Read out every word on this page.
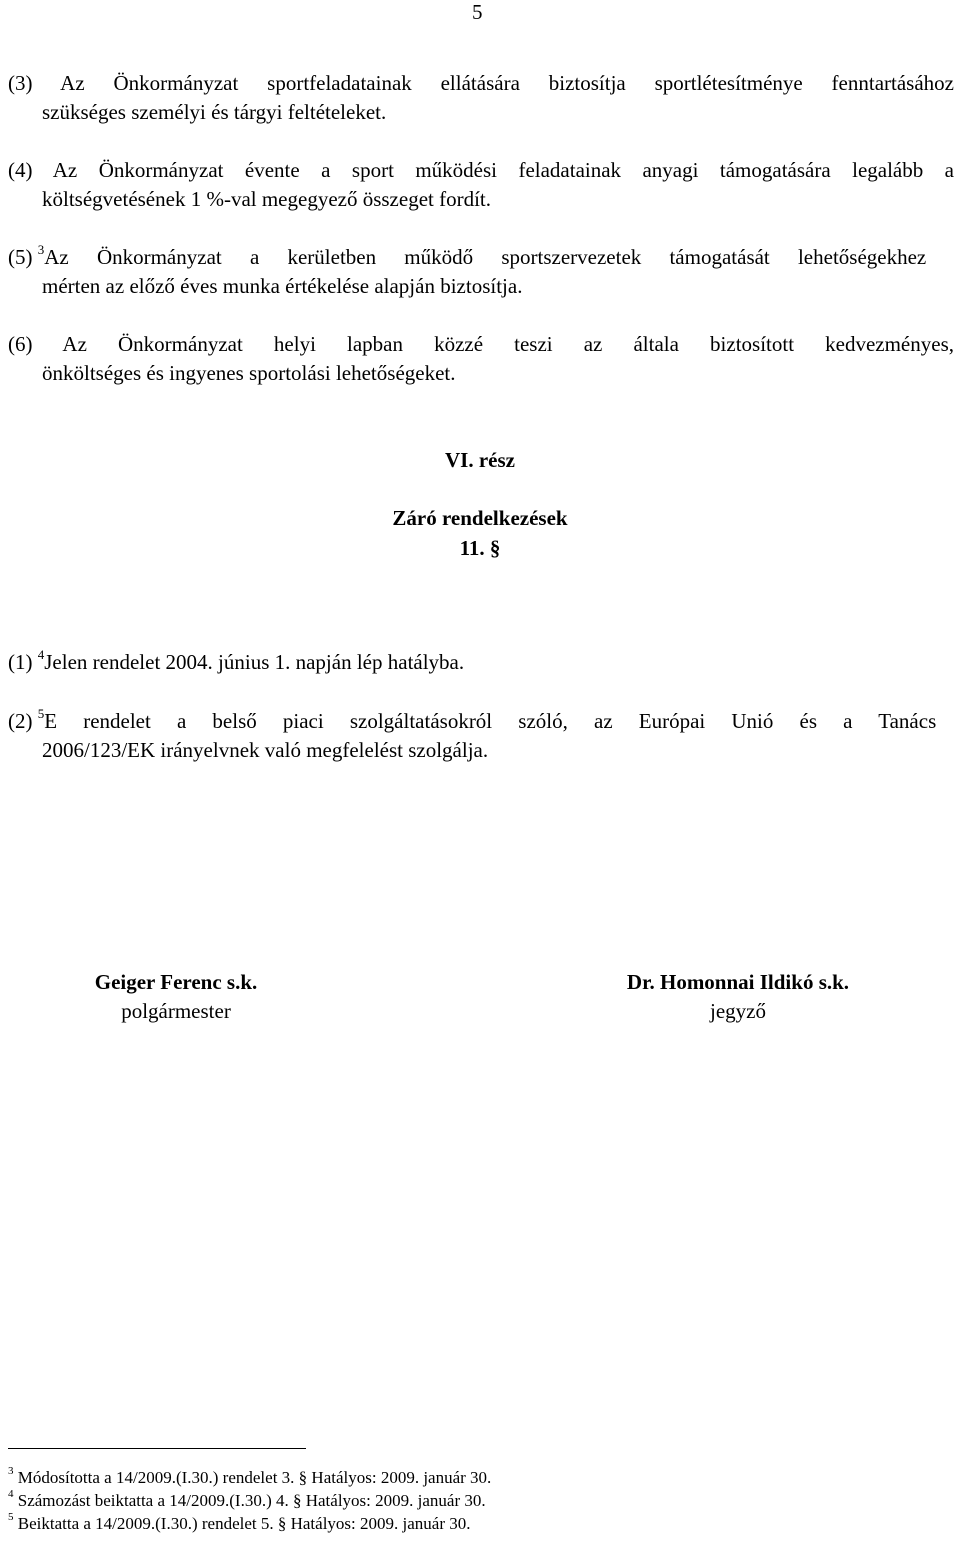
5
(3) Az Önkormányzat sportfeladatainak ellátására biztosítja sportlétesítménye fenntartásához
szükséges személyi és tárgyi feltételeket.
(4) Az Önkormányzat évente a sport működési feladatainak anyagi támogatására legalább a
költségvetésének 1 %-val megegyező összeget fordít.
(5) $^3$Az Önkormányzat a kerületben működő sportszervezetek támogatását lehetőségekhez
mérten az előző éves munka értékelése alapján biztosítja.
(6) Az Önkormányzat helyi lapban közzé teszi az általa biztosított kedvezményes,
önköltséges és ingyenes sportolási lehetőségeket.
VI. rész
Záró rendelkezések
11. §
(1) $^4$Jelen rendelet 2004. június 1. napján lép hatályba.
(2) $^5$E rendelet a belső piaci szolgáltatásokról szóló, az Európai Unió és a Tanács
2006/123/EK irányelvnek való megfelelést szolgálja.
Geiger Ferenc s.k.
polgármester
Dr. Homonnai Ildikó s.k.
jegyző
$^3$ Módosította a 14/2009.(I.30.) rendelet 3. § Hatályos: 2009. január 30.
$^4$ Számozást beiktatta a 14/2009.(I.30.) 4. § Hatályos: 2009. január 30.
$^5$ Beiktatta a 14/2009.(I.30.) rendelet 5. § Hatályos: 2009. január 30.
